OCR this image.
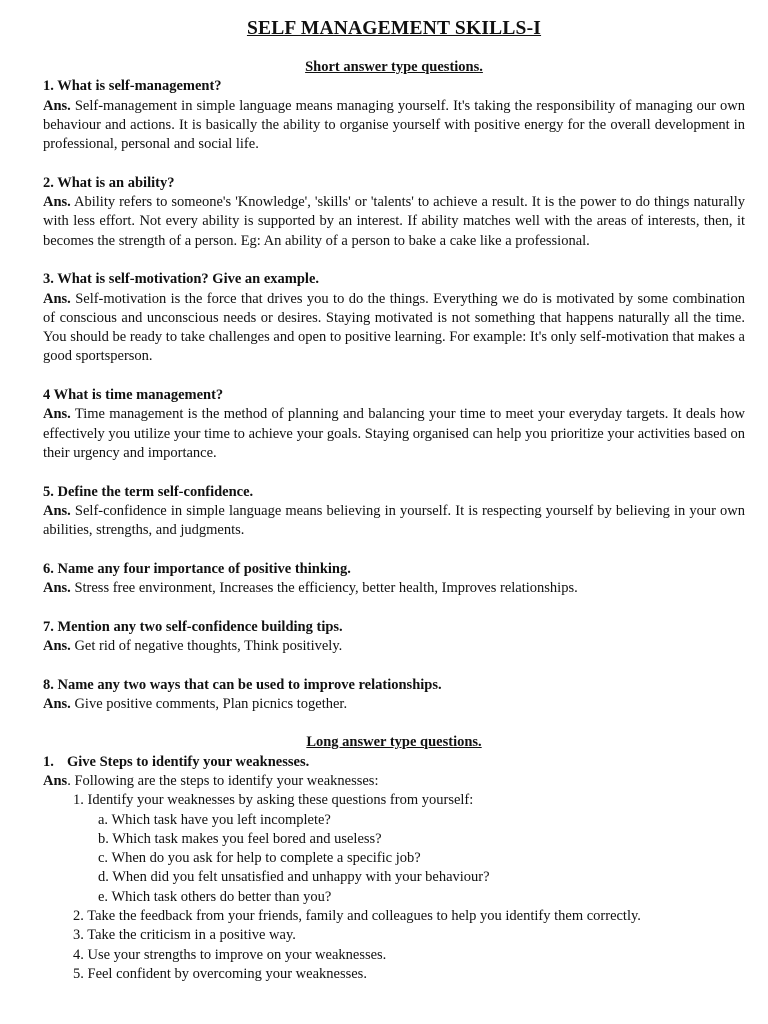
SELF MANAGEMENT SKILLS-I

Short answer type questions.

1. What is self-management?
Ans. Self-management in simple language means managing yourself. It's taking the responsibility of managing our own behaviour and actions. It is basically the ability to organise yourself with positive energy for the overall development in professional, personal and social life.
2. What is an ability?
Ans. Ability refers to someone's 'Knowledge', 'skills' or 'talents' to achieve a result. It is the power to do things naturally with less effort. Not every ability is supported by an interest. If ability matches well with the areas of interests, then, it becomes the strength of a person. Eg: An ability of a person to bake a cake like a professional.
3. What is self-motivation? Give an example.
Ans. Self-motivation is the force that drives you to do the things. Everything we do is motivated by some combination of conscious and unconscious needs or desires. Staying motivated is not something that happens naturally all the time. You should be ready to take challenges and open to positive learning. For example: It's only self-motivation that makes a good sportsperson.
4 What is time management?
Ans. Time management is the method of planning and balancing your time to meet your everyday targets. It deals how effectively you utilize your time to achieve your goals. Staying organised can help you prioritize your activities based on their urgency and importance.
5. Define the term self-confidence.
Ans. Self-confidence in simple language means believing in yourself. It is respecting yourself by believing in your own abilities, strengths, and judgments.
6. Name any four importance of positive thinking.
Ans. Stress free environment, Increases the efficiency, better health, Improves relationships.
7. Mention any two self-confidence building tips.
Ans. Get rid of negative thoughts, Think positively.
8. Name any two ways that can be used to improve relationships.
Ans. Give positive comments, Plan picnics together.

Long answer type questions.

1. Give Steps to identify your weaknesses.
Ans. Following are the steps to identify your weaknesses:
1. Identify your weaknesses by asking these questions from yourself:
a. Which task have you left incomplete?
b. Which task makes you feel bored and useless?
c. When do you ask for help to complete a specific job?
d. When did you felt unsatisfied and unhappy with your behaviour?
e. Which task others do better than you?
2. Take the feedback from your friends, family and colleagues to help you identify them correctly.
3. Take the criticism in a positive way.
4. Use your strengths to improve on your weaknesses.
5. Feel confident by overcoming your weaknesses.
